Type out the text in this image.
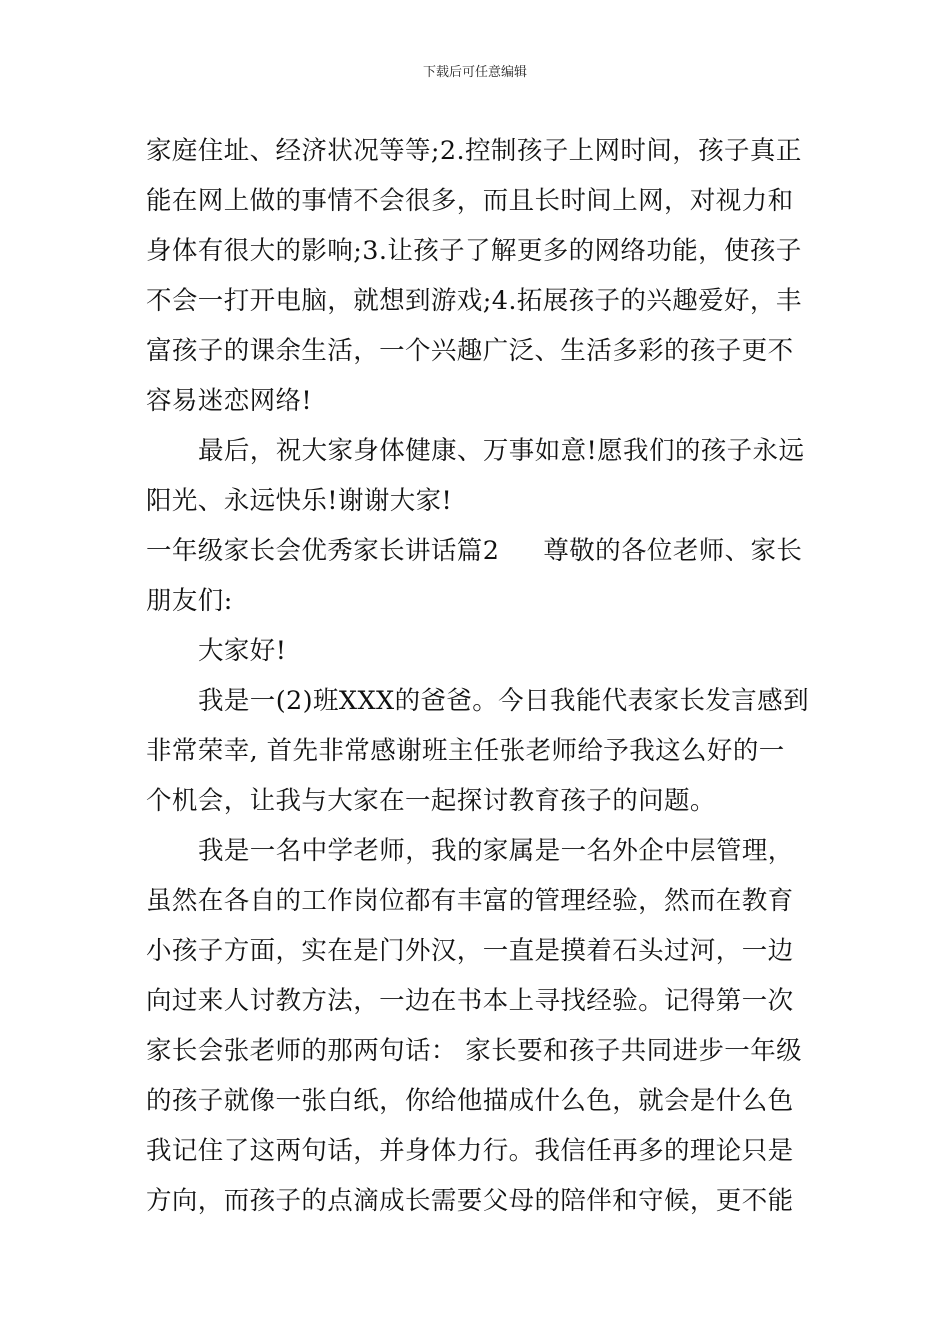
下载后可任意编辑
家庭住址、经济状况等等;2.控制孩子上网时间，孩子真正
能在网上做的事情不会很多，而且长时间上网，对视力和
身体有很大的影响;3.让孩子了解更多的网络功能，使孩子
不会一打开电脑，就想到游戏;4.拓展孩子的兴趣爱好，丰
富孩子的课余生活，一个兴趣广泛、生活多彩的孩子更不
容易迷恋网络!
最后，祝大家身体健康、万事如意!愿我们的孩子永远
阳光、永远快乐!谢谢大家!
一年级家长会优秀家长讲话篇2 尊敬的各位老师、家长
朋友们:
大家好!
我是一(2)班XXX的爸爸。今日我能代表家长发言感到
非常荣幸, 首先非常感谢班主任张老师给予我这么好的一
个机会，让我与大家在一起探讨教育孩子的问题。
我是一名中学老师，我的家属是一名外企中层管理，
虽然在各自的工作岗位都有丰富的管理经验，然而在教育
小孩子方面，实在是门外汉，一直是摸着石头过河，一边
向过来人讨教方法，一边在书本上寻找经验。记得第一次
家长会张老师的那两句话： 家长要和孩子共同进步一年级
的孩子就像一张白纸，你给他描成什么色，就会是什么色
我记住了这两句话，并身体力行。我信任再多的理论只是
方向，而孩子的点滴成长需要父母的陪伴和守候，更不能
